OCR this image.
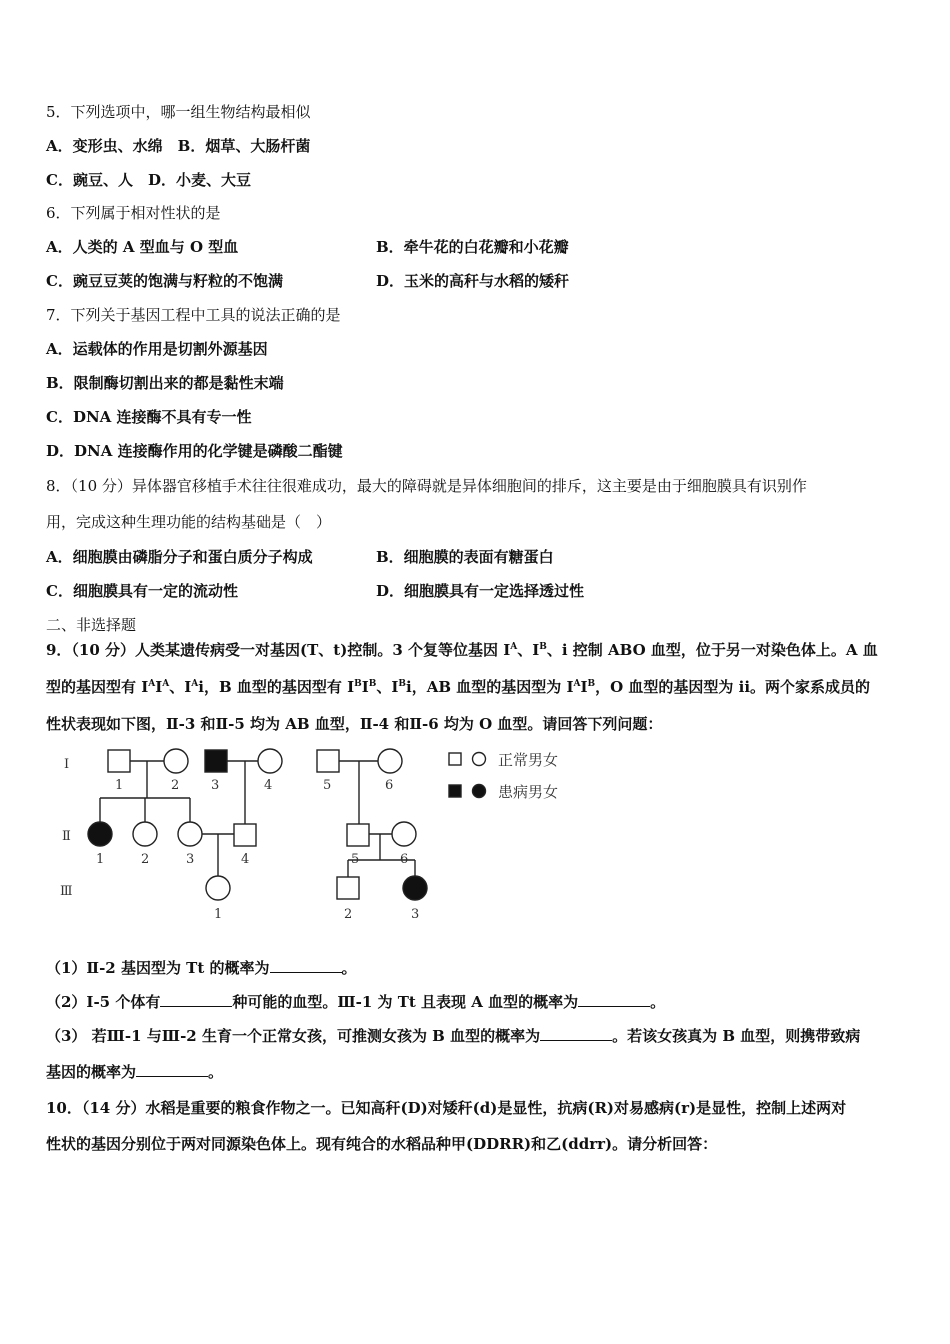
5．下列选项中，哪一组生物结构最相似
A．变形虫、水绵　B．烟草、大肠杆菌
C．豌豆、人　D．小麦、大豆
6．下列属于相对性状的是
A．人类的 A 型血与 O 型血	B．牵牛花的白花瓣和小花瓣
C．豌豆豆荚的饱满与籽粒的不饱满	D．玉米的高秆与水稻的矮秆
7．下列关于基因工程中工具的说法正确的是
A．运载体的作用是切割外源基因
B．限制酶切割出来的都是黏性末端
C．DNA 连接酶不具有专一性
D．DNA 连接酶作用的化学键是磷酸二酯键
8．（10 分）异体器官移植手术往往很难成功，最大的障碍就是异体细胞间的排斥，这主要是由于细胞膜具有识别作
用，完成这种生理功能的结构基础是（　）
A．细胞膜由磷脂分子和蛋白质分子构成	B．细胞膜的表面有糖蛋白
C．细胞膜具有一定的流动性	D．细胞膜具有一定选择透过性
二、非选择题
9．（10 分）人类某遗传病受一对基因(T、t)控制。3 个复等位基因 $I^A$、$I^B$、i 控制 ABO 血型，位于另一对染色体上。A 血
型的基因型有 $I^AI^A$、$I^Ai$，B 血型的基因型有 $I^BI^B$、$I^Bi$，AB 血型的基因型为 $I^AI^B$，O 血型的基因型为 ii。两个家系成员的
性状表现如下图，Ⅱ-3 和Ⅱ-5 均为 AB 血型，Ⅱ-4 和Ⅱ-6 均为 O 血型。请回答下列问题：
Ⅰ
Ⅱ
Ⅲ
1	2 3	4	5	6
1	2	3	4	5	6
1	2	3
正常男女
患病男女
（1）Ⅱ-2 基因型为 Tt 的概率为	。
（2）Ⅰ-5 个体有	种可能的血型。Ⅲ-1 为 Tt 且表现 A 血型的概率为	。
（3） 若Ⅲ-1 与Ⅲ-2 生育一个正常女孩，可推测女孩为 B 血型的概率为	。若该女孩真为 B 血型，则携带致病
基因的概率为	。
10．（14 分）水稻是重要的粮食作物之一。已知高秆(D)对矮秆(d)是显性，抗病(R)对易感病(r)是显性，控制上述两对
性状的基因分别位于两对同源染色体上。现有纯合的水稻品种甲(DDRR)和乙(ddrr)。请分析回答：
